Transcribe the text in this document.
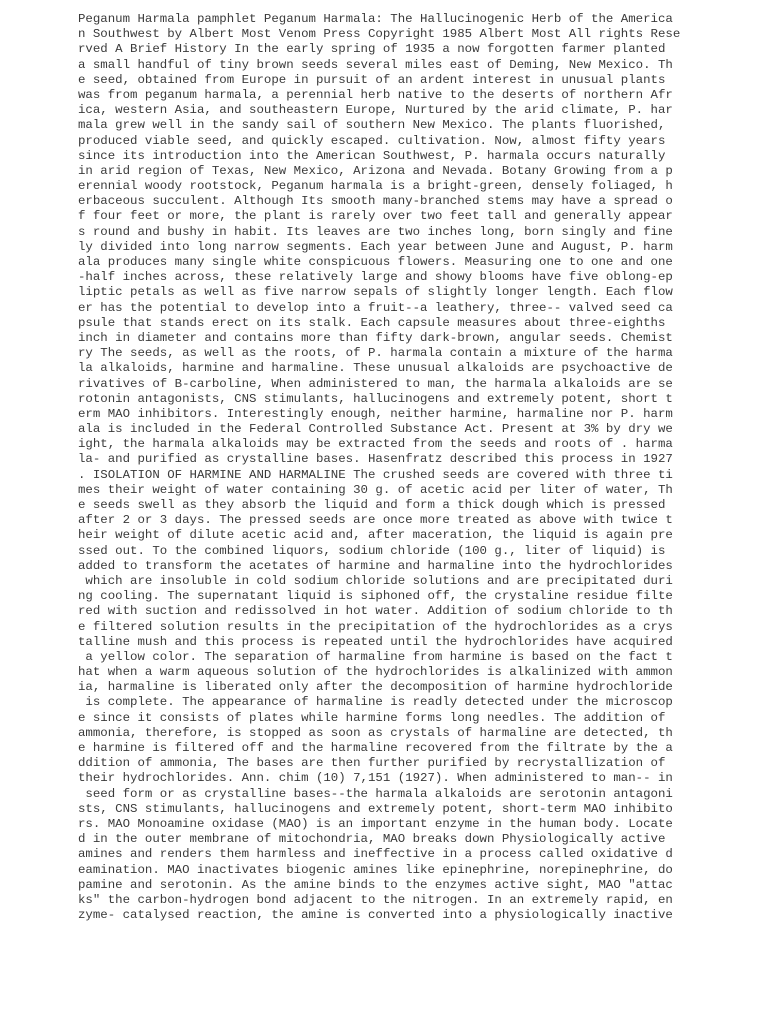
Peganum Harmala pamphlet Peganum Harmala: The Hallucinogenic Herb of the America
n Southwest by Albert Most Venom Press Copyright 1985 Albert Most All rights Rese
rved A Brief History In the early spring of 1935 a now forgotten farmer planted
a small handful of tiny brown seeds several miles east of Deming, New Mexico. Th
e seed, obtained from Europe in pursuit of an ardent interest in unusual plants
was from peganum harmala, a perennial herb native to the deserts of northern Afr
ica, western Asia, and southeastern Europe, Nurtured by the arid climate, P. har
mala grew well in the sandy sail of southern New Mexico. The plants fluorished,
produced viable seed, and quickly escaped. cultivation. Now, almost fifty years
since its introduction into the American Southwest, P. harmala occurs naturally
in arid region of Texas, New Mexico, Arizona and Nevada. Botany Growing from a p
erennial woody rootstock, Peganum harmala is a bright-green, densely foliaged, h
erbaceous succulent. Although Its smooth many-branched stems may have a spread o
f four feet or more, the plant is rarely over two feet tall and generally appear
s round and bushy in habit. Its leaves are two inches long, born singly and fine
ly divided into long narrow segments. Each year between June and August, P. harm
ala produces many single white conspicuous flowers. Measuring one to one and one
-half inches across, these relatively large and showy blooms have five oblong-ep
liptic petals as well as five narrow sepals of slightly longer length. Each flow
er has the potential to develop into a fruit--a leathery, three-- valved seed ca
psule that stands erect on its stalk. Each capsule measures about three-eighths
inch in diameter and contains more than fifty dark-brown, angular seeds. Chemist
ry The seeds, as well as the roots, of P. harmala contain a mixture of the harma
la alkaloids, harmine and harmaline. These unusual alkaloids are psychoactive de
rivatives of B-carboline, When administered to man, the harmala alkaloids are se
rotonin antagonists, CNS stimulants, hallucinogens and extremely potent, short t
erm MAO inhibitors. Interestingly enough, neither harmine, harmaline nor P. harm
ala is included in the Federal Controlled Substance Act. Present at 3% by dry we
ight, the harmala alkaloids may be extracted from the seeds and roots of . harma
la- and purified as crystalline bases. Hasenfratz described this process in 1927
. ISOLATION OF HARMINE AND HARMALINE The crushed seeds are covered with three ti
mes their weight of water containing 30 g. of acetic acid per liter of water, Th
e seeds swell as they absorb the liquid and form a thick dough which is pressed
after 2 or 3 days. The pressed seeds are once more treated as above with twice t
heir weight of dilute acetic acid and, after maceration, the liquid is again pre
ssed out. To the combined liquors, sodium chloride (100 g., liter of liquid) is
added to transform the acetates of harmine and harmaline into the hydrochlorides
which are insoluble in cold sodium chloride solutions and are precipitated duri
ng cooling. The supernatant liquid is siphoned off, the crystaline residue filte
red with suction and redissolved in hot water. Addition of sodium chloride to th
e filtered solution results in the precipitation of the hydrochlorides as a crys
talline mush and this process is repeated until the hydrochlorides have acquired
a yellow color. The separation of harmaline from harmine is based on the fact t
hat when a warm aqueous solution of the hydrochlorides is alkalinized with ammon
ia, harmaline is liberated only after the decomposition of harmine hydrochloride
is complete. The appearance of harmaline is readly detected under the microscop
e since it consists of plates while harmine forms long needles. The addition of
ammonia, therefore, is stopped as soon as crystals of harmaline are detected, th
e harmine is filtered off and the harmaline recovered from the filtrate by the a
ddition of ammonia, The bases are then further purified by recrystallization of
their hydrochlorides. Ann. chim (10) 7,151 (1927). When administered to man-- in
seed form or as crystalline bases--the harmala alkaloids are serotonin antagoni
sts, CNS stimulants, hallucinogens and extremely potent, short-term MAO inhibito
rs. MAO Monoamine oxidase (MAO) is an important enzyme in the human body. Locate
d in the outer membrane of mitochondria, MAO breaks down Physiologically active
amines and renders them harmless and ineffective in a process called oxidative d
eamination. MAO inactivates biogenic amines like epinephrine, norepinephrine, do
pamine and serotonin. As the amine binds to the enzymes active sight, MAO "attac
ks" the carbon-hydrogen bond adjacent to the nitrogen. In an extremely rapid, en
zyme- catalysed reaction, the amine is converted into a physiologically inactive
